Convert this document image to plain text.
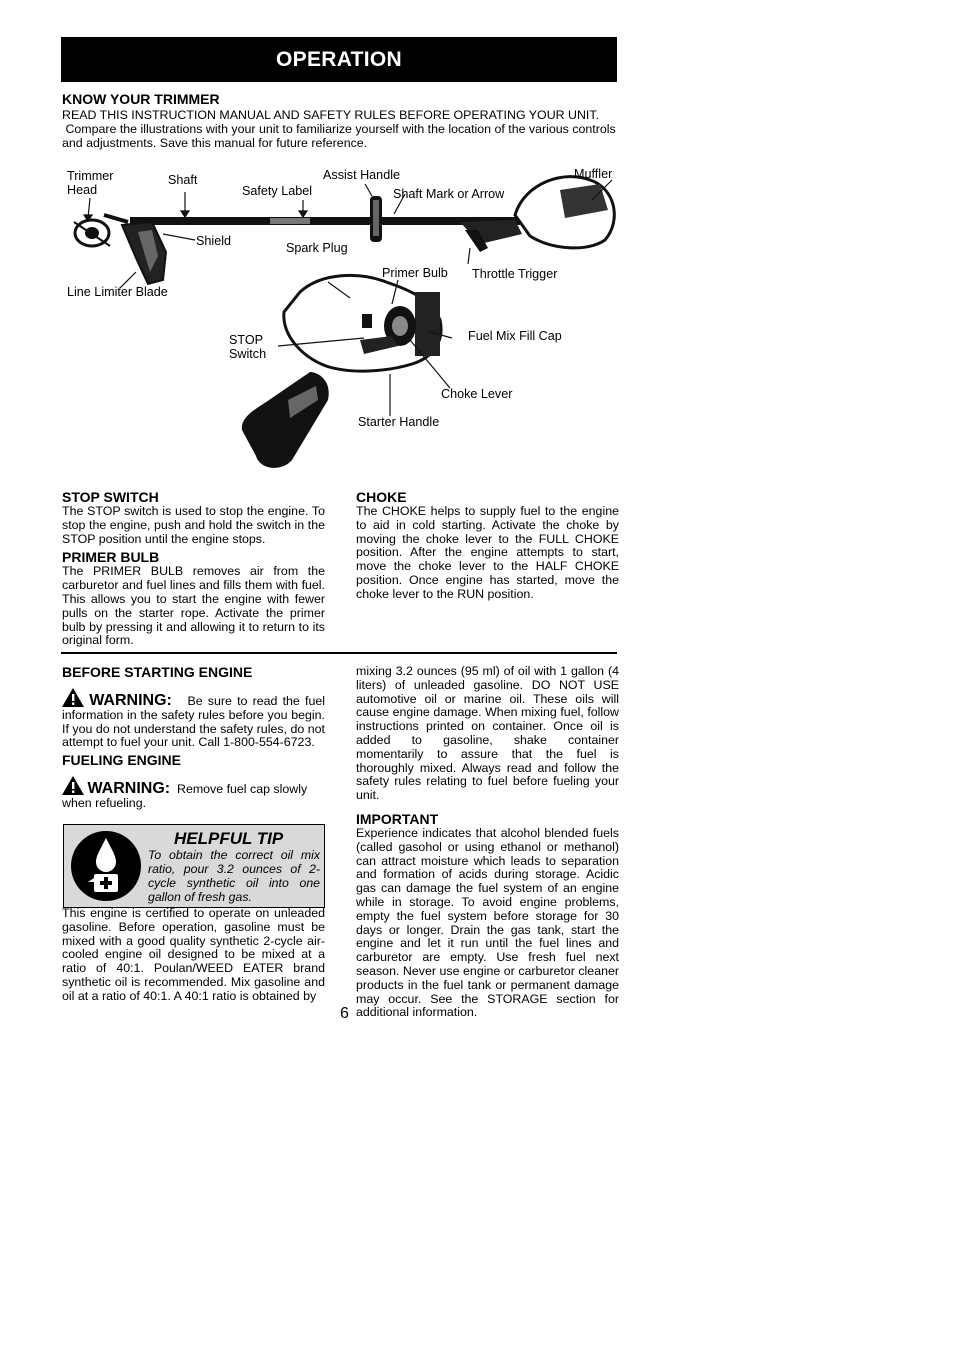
OPERATION

KNOW YOUR TRIMMER

READ THIS INSTRUCTION MANUAL AND SAFETY RULES BEFORE OPERATING YOUR UNIT.

Compare the illustrations with your unit to familiarize yourself with the location of the various controls

and adjustments. Save this manual for future reference.

Trimmer
Head
Shaft
Safety Label
Assist Handle
Shaft Mark or Arrow
Muffler
Shield	Spark Plug
Throttle Trigger
Line Limiter Blade
Primer Bulb
Fuel Mix Fill Cap
STOP
Switch
Choke Lever
Starter Handle

STOP SWITCH

The STOP switch is used to stop the engine. To stop the engine, push and hold the switch in the STOP position until the engine stops.

PRIMER BULB

The PRIMER BULB removes air from the carburetor and fuel lines and fills them with fuel. This allows you to start the engine with fewer pulls on the starter rope. Activate the primer bulb by pressing it and allowing it to return to its original form.

CHOKE

The CHOKE helps to supply fuel to the engine to aid in cold starting. Activate the choke by moving the choke lever to the FULL CHOKE position. After the engine attempts to start, move the choke lever to the HALF CHOKE position. Once engine has started, move the choke lever to the RUN position.

BEFORE STARTING ENGINE

WARNING: Be sure to read the fuel information in the safety rules before you begin. If you do not understand the safety rules, do not attempt to fuel your unit. Call 1-800-554-6723.

FUELING ENGINE

WARNING: Remove fuel cap slowly when refueling.

HELPFUL TIP
To obtain the correct oil mix ratio, pour 3.2 ounces of 2-cycle synthetic oil into one gallon of fresh gas.

This engine is certified to operate on unleaded gasoline. Before operation, gasoline must be mixed with a good quality synthetic 2-cycle air-cooled engine oil designed to be mixed at a ratio of 40:1. Poulan/WEED EATER brand synthetic oil is recommended. Mix gasoline and oil at a ratio of 40:1. A 40:1 ratio is obtained by

mixing 3.2 ounces (95 ml) of oil with 1 gallon (4 liters) of unleaded gasoline. DO NOT USE automotive oil or marine oil. These oils will cause engine damage. When mixing fuel, follow instructions printed on container. Once oil is added to gasoline, shake container momentarily to assure that the fuel is thoroughly mixed. Always read and follow the safety rules relating to fuel before fueling your unit.

IMPORTANT

Experience indicates that alcohol blended fuels (called gasohol or using ethanol or methanol) can attract moisture which leads to separation and formation of acids during storage. Acidic gas can damage the fuel system of an engine while in storage. To avoid engine problems, empty the fuel system before storage for 30 days or longer. Drain the gas tank, start the engine and let it run until the fuel lines and carburetor are empty. Use fresh fuel next season. Never use engine or carburetor cleaner products in the fuel tank or permanent damage may occur. See the STORAGE section for additional information.

6
